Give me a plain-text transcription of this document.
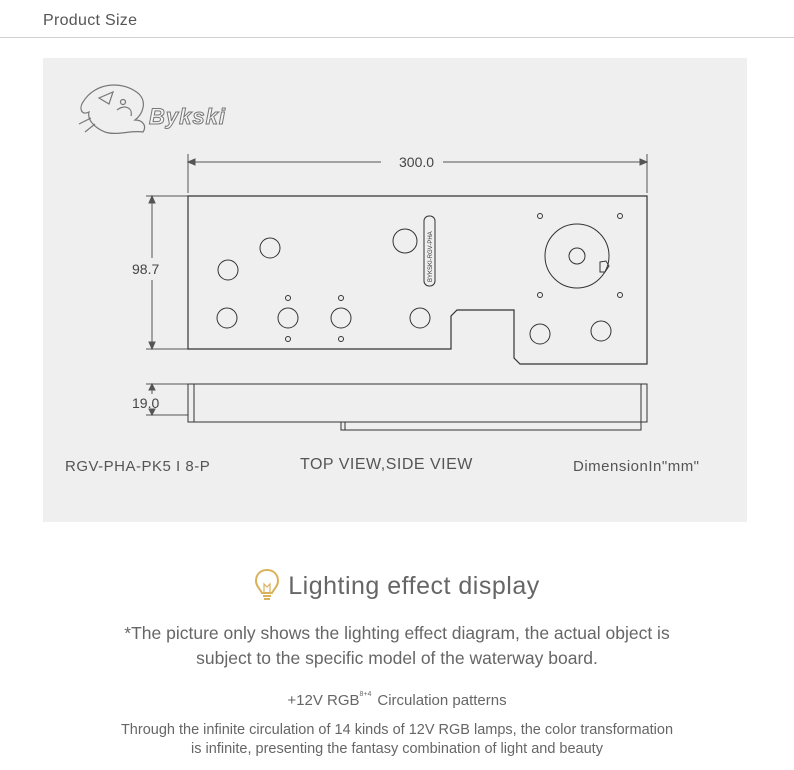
Product Size
Bykski
300.0
98.7	BYKSKI-RGV-PHA
19.0
RGV-PHA-PK5 I 8-P	TOP VIEW,SIDE VIEW	DimensionIn"mm"
Lighting effect display
*The picture only shows the lighting effect diagram, the actual object is
subject to the specific model of the waterway board.
+12V $RGB^{8+4}$ Circulation patterns
Through the infinite circulation of 14 kinds of 12V RGB lamps, the color transformation
is infinite, presenting the fantasy combination of light and beauty
